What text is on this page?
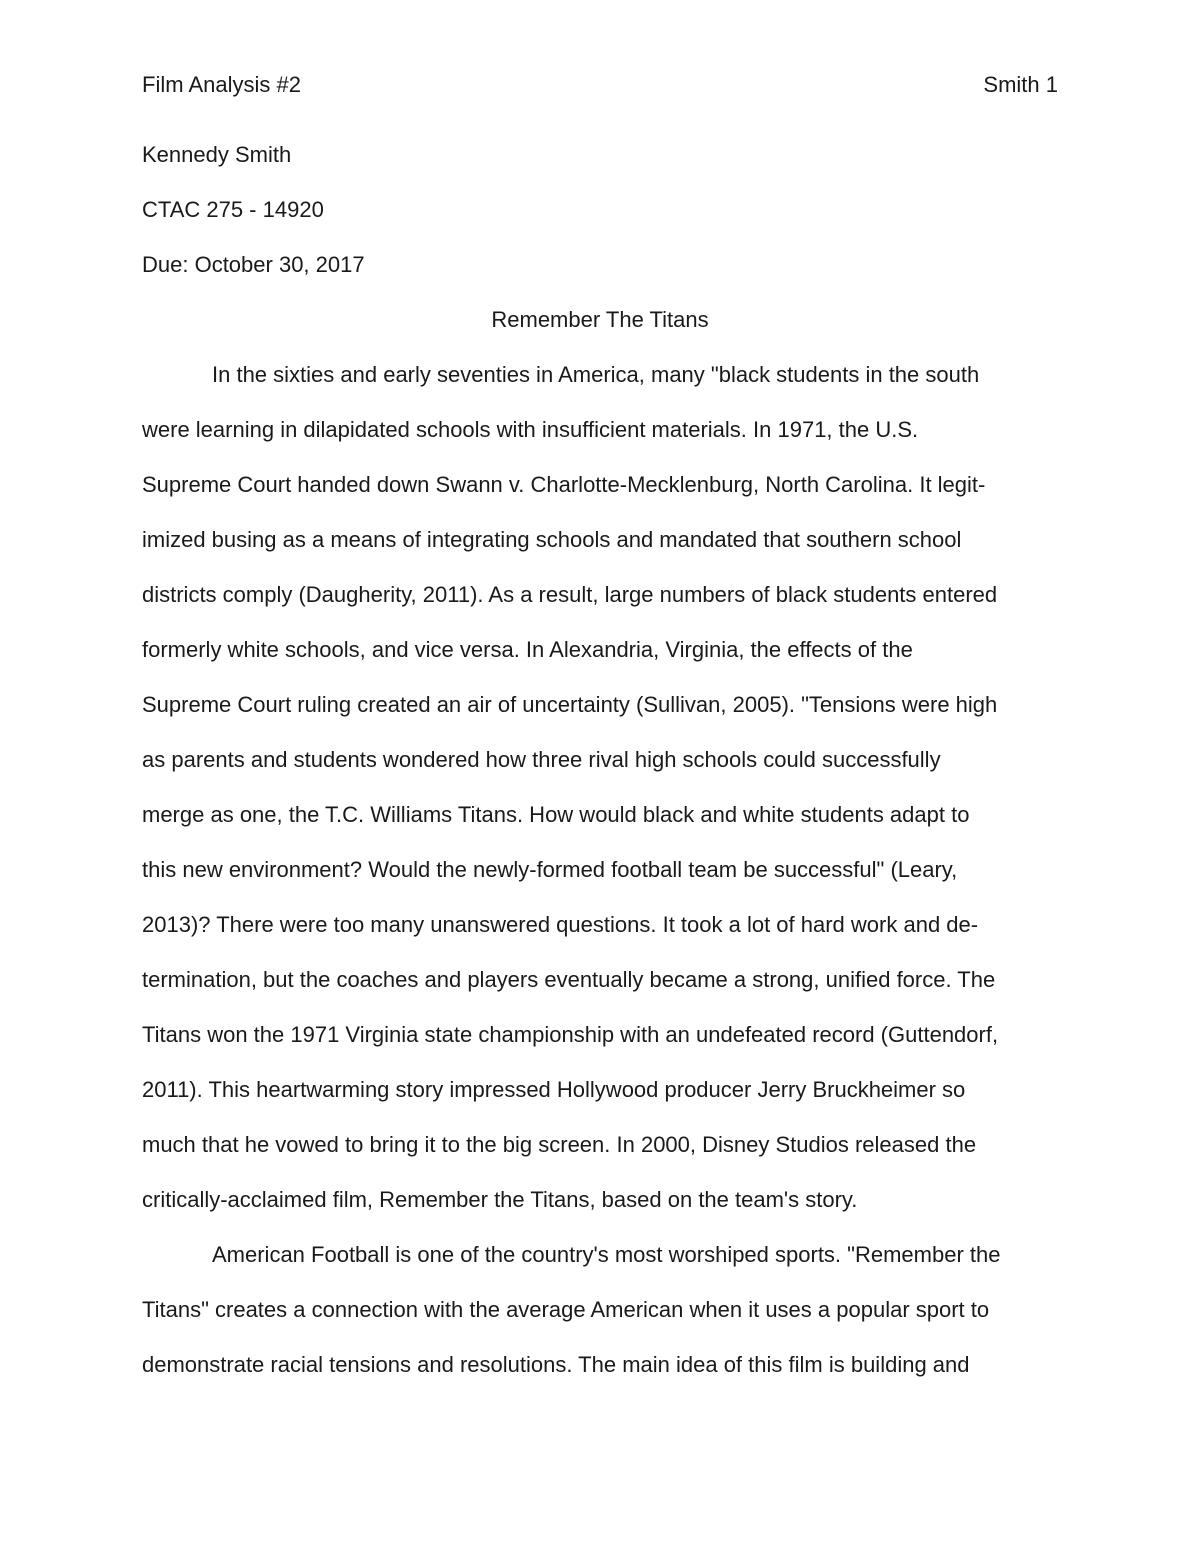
Film Analysis #2	Smith 1

Kennedy Smith

CTAC 275 - 14920

Due: October 30, 2017

Remember The Titans

In the sixties and early seventies in America, many "black students in the south

were learning in dilapidated schools with insufficient materials. In 1971, the U.S.

Supreme Court handed down Swann v. Charlotte-Mecklenburg, North Carolina. It legit-

imized busing as a means of integrating schools and mandated that southern school

districts comply (Daugherity, 2011). As a result, large numbers of black students entered

formerly white schools, and vice versa. In Alexandria, Virginia, the effects of the

Supreme Court ruling created an air of uncertainty (Sullivan, 2005). "Tensions were high

as parents and students wondered how three rival high schools could successfully

merge as one, the T.C. Williams Titans. How would black and white students adapt to

this new environment? Would the newly-formed football team be successful" (Leary,

2013)? There were too many unanswered questions. It took a lot of hard work and de-

termination, but the coaches and players eventually became a strong, unified force. The

Titans won the 1971 Virginia state championship with an undefeated record (Guttendorf,

2011). This heartwarming story impressed Hollywood producer Jerry Bruckheimer so

much that he vowed to bring it to the big screen. In 2000, Disney Studios released the

critically-acclaimed film, Remember the Titans, based on the team's story.

American Football is one of the country's most worshiped sports. "Remember the

Titans" creates a connection with the average American when it uses a popular sport to

demonstrate racial tensions and resolutions. The main idea of this film is building and
